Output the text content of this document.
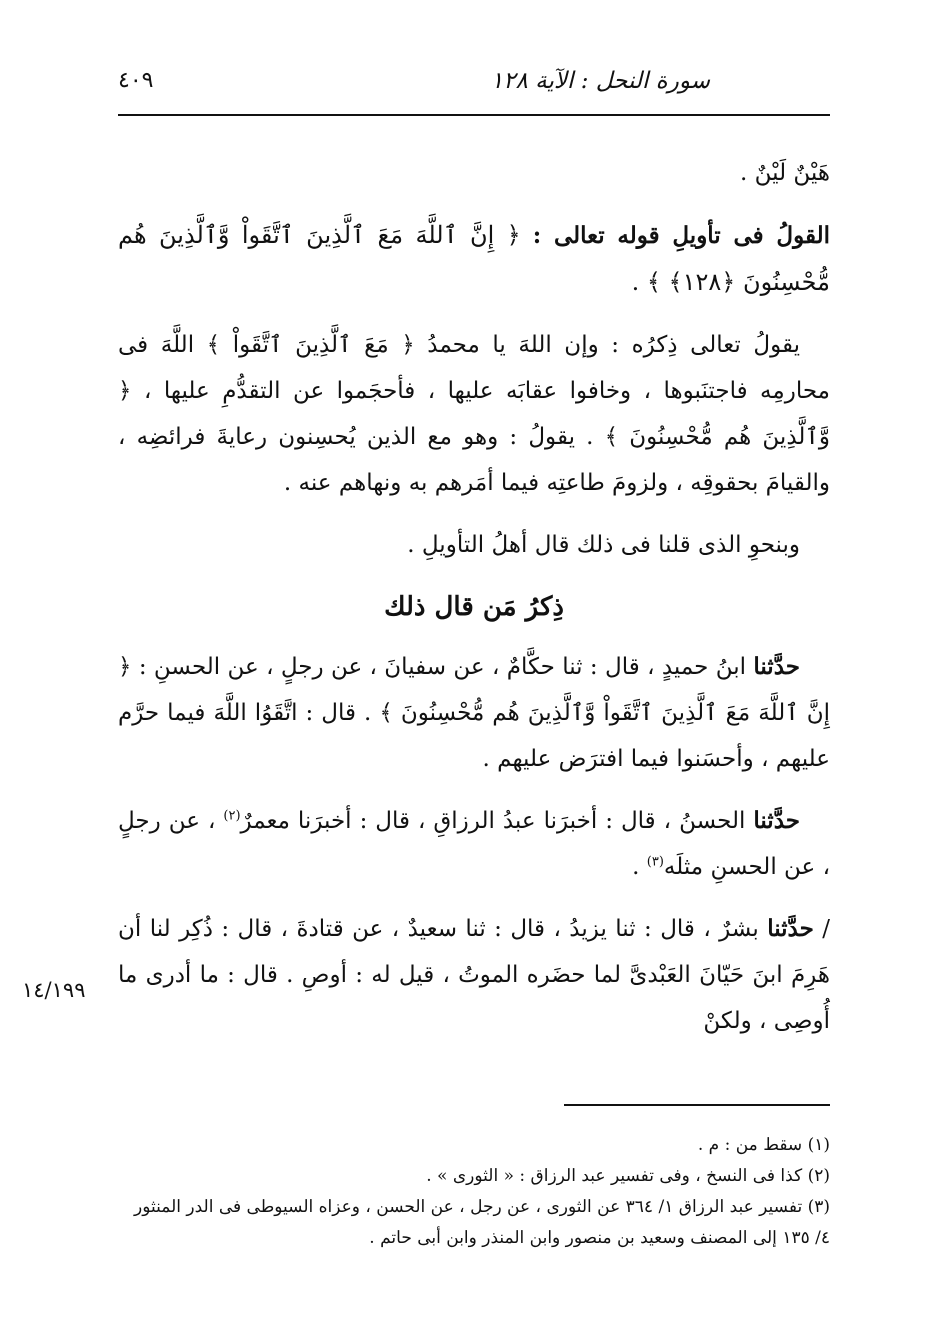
سورة النحل : الآية ١٢٨
٤٠٩

هَيْنٌ لَيْنٌ .

القولُ فى تأويلِ قوله تعالى : ﴿ إِنَّ ٱللَّهَ مَعَ ٱلَّذِينَ ٱتَّقَواْ وَّٱلَّذِينَ هُم مُّحْسِنُونَ ﴿١٢٨﴾ ﴾ .

يقولُ تعالى ذِكرُه : وإن اللهَ يا محمدُ ﴿ مَعَ ٱلَّذِينَ ٱتَّقَواْ ﴾ اللَّهَ فى محارمِه فاجتنَبوها ، وخافوا عقابَه عليها ، فأحجَموا عن التقدُّمِ عليها ، ﴿ وَّٱلَّذِينَ هُم مُّحْسِنُونَ ﴾ . يقولُ : وهو مع الذين يُحسِنون رعايةَ فرائضِه ، والقيامَ بحقوقِه ، ولزومَ طاعتِه فيما أمَرهم به ونهاهم عنه .

وبنحوِ الذى قلنا فى ذلك قال أهلُ التأويلِ .

ذِكرُ مَن قال ذلك

حدَّثنا ابنُ حميدٍ ، قال : ثنا حكَّامٌ ، عن سفيانَ ، عن رجلٍ ، عن الحسنِ : ﴿ إِنَّ ٱللَّهَ مَعَ ٱلَّذِينَ ٱتَّقَواْ وَّٱلَّذِينَ هُم مُّحْسِنُونَ ﴾ . قال : اتَّقَوُا اللَّهَ فيما حرَّم عليهم ، وأحسَنوا فيما افترَض عليهم .

حدَّثنا الحسنُ ، قال : أخبرَنا عبدُ الرزاقِ ، قال : أخبرَنا معمرٌ$^{(٢)}$ ، عن رجلٍ ، عن الحسنِ مثلَه$^{(٣)}$ .

/ حدَّثنا بشرٌ ، قال : ثنا يزيدُ ، قال : ثنا سعيدٌ ، عن قتادةَ ، قال : ذُكِر لنا أن هَرِمَ ابنَ حَيّانَ العَبْدىَّ لما حضَره الموتُ ، قيل له : أوصِ . قال : ما أدرى ما أُوصِى ، ولكنْ

١٤/١٩٩

(١) سقط من : م .

(٢) كذا فى النسخ ، وفى تفسير عبد الرزاق : « الثورى » .

(٣) تفسير عبد الرزاق ١/ ٣٦٤ عن الثورى ، عن رجل ، عن الحسن ، وعزاه السيوطى فى الدر المنثور ٤/ ١٣٥ إلى المصنف وسعيد بن منصور وابن المنذر وابن أبى حاتم .
